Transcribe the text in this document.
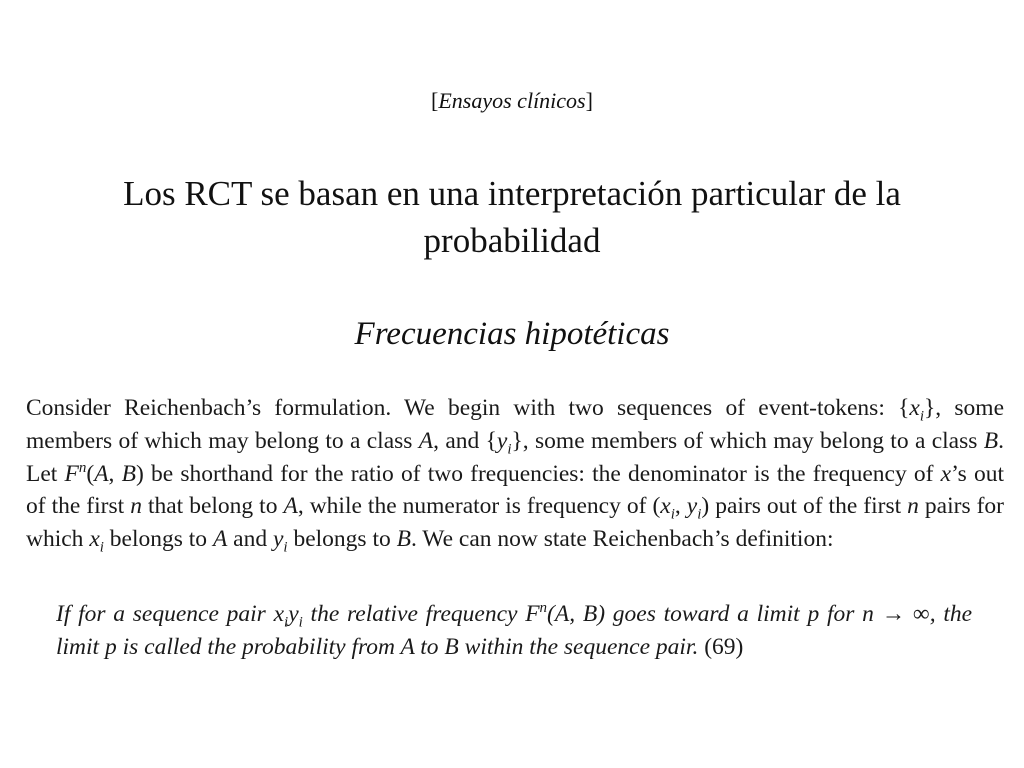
[Ensayos clínicos]
Los RCT se basan en una interpretación particular de la probabilidad
Frecuencias hipotéticas

Consider Reichenbach’s formulation. We begin with two sequences of event-tokens: $\{x_i\}$, some members of which may belong to a class A, and $\{y_i\}$, some members of which may belong to a class B. Let $F^n(A$, B) be shorthand for the ratio of two frequencies: the denominator is the frequency of x’s out of the first n that belong to A, while the numerator is frequency of ($x_i$, $y_i$) pairs out of the first n pairs for which $x_i$ belongs to A and $y_i$ belongs to B. We can now state Reichenbach’s definition:

If for a sequence pair $x_iy_i$ the relative frequency $F^n(A$, B) goes toward a limit p for n → ∞, the limit p is called the probability from A to B within the sequence pair. (69)
